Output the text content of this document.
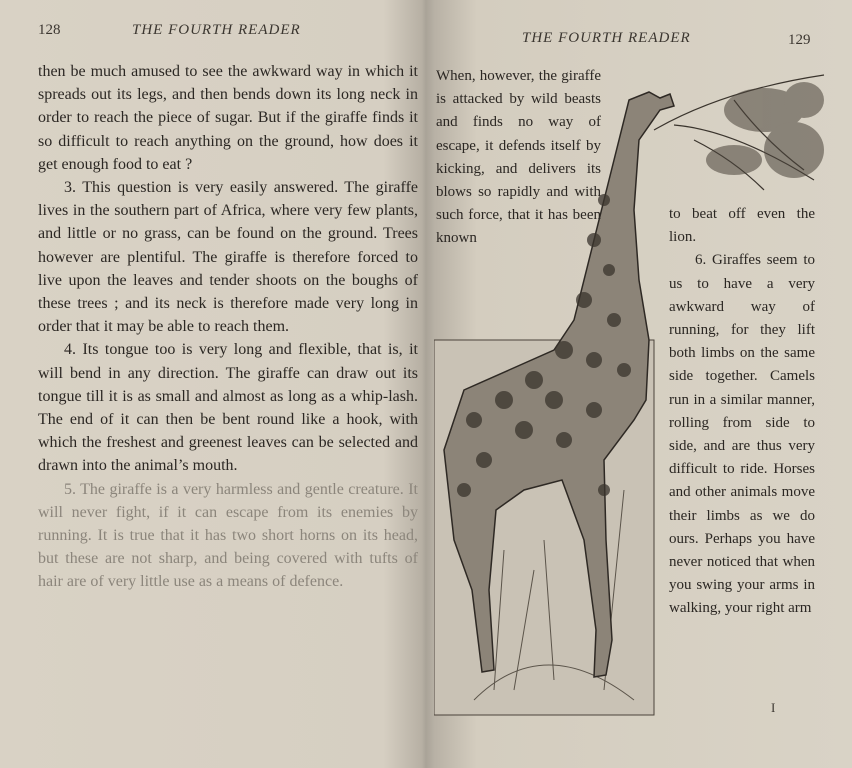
128	THE FOURTH READER

then be much amused to see the awkward way in which it spreads out its legs, and then bends down its long neck in order to reach the piece of sugar. But if the giraffe finds it so difficult to reach anything on the ground, how does it get enough food to eat ?

3. This question is very easily answered. The giraffe lives in the southern part of Africa, where very few plants, and little or no grass, can be found on the ground. Trees however are plentiful. The giraffe is therefore forced to live upon the leaves and tender shoots on the boughs of these trees ; and its neck is therefore made very long in order that it may be able to reach them.

4. Its tongue too is very long and flexible, that is, it will bend in any direction. The giraffe can draw out its tongue till it is as small and almost as long as a whip-lash. The end of it can then be bent round like a hook, with which the freshest and greenest leaves can be selected and drawn into the animal’s mouth.

5. The giraffe is a very harmless and gentle creature. It will never fight, if it can escape from its enemies by running. It is true that it has two short horns on its head, but these are not sharp, and being covered with tufts of hair are of very little use as a means of defence.

THE FOURTH READER	129

When, however, the giraffe is attacked by wild beasts and finds no way of escape, it defends itself by kicking, and delivers its blows so rapidly and with such force, that it has been known

to beat off even the lion.

6. Giraffes seem to us to have a very awkward way of running, for they lift both limbs on the same side together. Camels run in a similar manner, rolling from side to side, and are thus very difficult to ride. Horses and other animals move their limbs as we do ours. Perhaps you have never noticed that when you swing your arms in walking, your right arm

I
